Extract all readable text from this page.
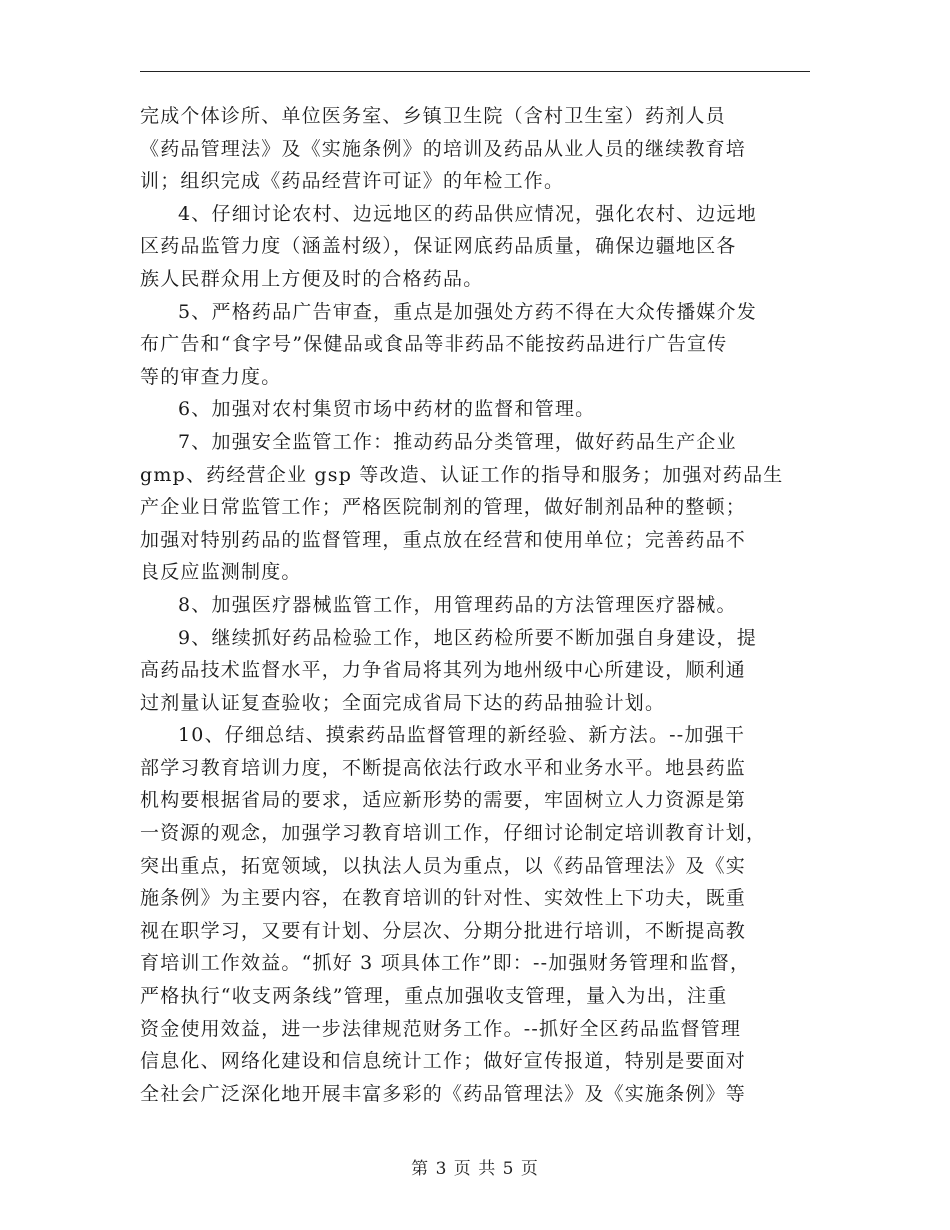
完成个体诊所、单位医务室、乡镇卫生院（含村卫生室）药剂人员
《药品管理法》及《实施条例》的培训及药品从业人员的继续教育培
训；组织完成《药品经营许可证》的年检工作。
4、仔细讨论农村、边远地区的药品供应情况，强化农村、边远地
区药品监管力度（涵盖村级），保证网底药品质量，确保边疆地区各
族人民群众用上方便及时的合格药品。
5、严格药品广告审查，重点是加强处方药不得在大众传播媒介发
布广告和“食字号”保健品或食品等非药品不能按药品进行广告宣传
等的审查力度。
6、加强对农村集贸市场中药材的监督和管理。
7、加强安全监管工作：推动药品分类管理，做好药品生产企业
gmp、药经营企业 gsp 等改造、认证工作的指导和服务；加强对药品生
产企业日常监管工作；严格医院制剂的管理，做好制剂品种的整顿；
加强对特别药品的监督管理，重点放在经营和使用单位；完善药品不
良反应监测制度。
8、加强医疗器械监管工作，用管理药品的方法管理医疗器械。
9、继续抓好药品检验工作，地区药检所要不断加强自身建设，提
高药品技术监督水平，力争省局将其列为地州级中心所建设，顺利通
过剂量认证复查验收；全面完成省局下达的药品抽验计划。
10、仔细总结、摸索药品监督管理的新经验、新方法。--加强干
部学习教育培训力度，不断提高依法行政水平和业务水平。地县药监
机构要根据省局的要求，适应新形势的需要，牢固树立人力资源是第
一资源的观念，加强学习教育培训工作，仔细讨论制定培训教育计划，
突出重点，拓宽领域，以执法人员为重点，以《药品管理法》及《实
施条例》为主要内容，在教育培训的针对性、实效性上下功夫，既重
视在职学习，又要有计划、分层次、分期分批进行培训，不断提高教
育培训工作效益。“抓好 3 项具体工作”即：--加强财务管理和监督，
严格执行“收支两条线”管理，重点加强收支管理，量入为出，注重
资金使用效益，进一步法律规范财务工作。--抓好全区药品监督管理
信息化、网络化建设和信息统计工作；做好宣传报道，特别是要面对
全社会广泛深化地开展丰富多彩的《药品管理法》及《实施条例》等
第 3 页 共 5 页
